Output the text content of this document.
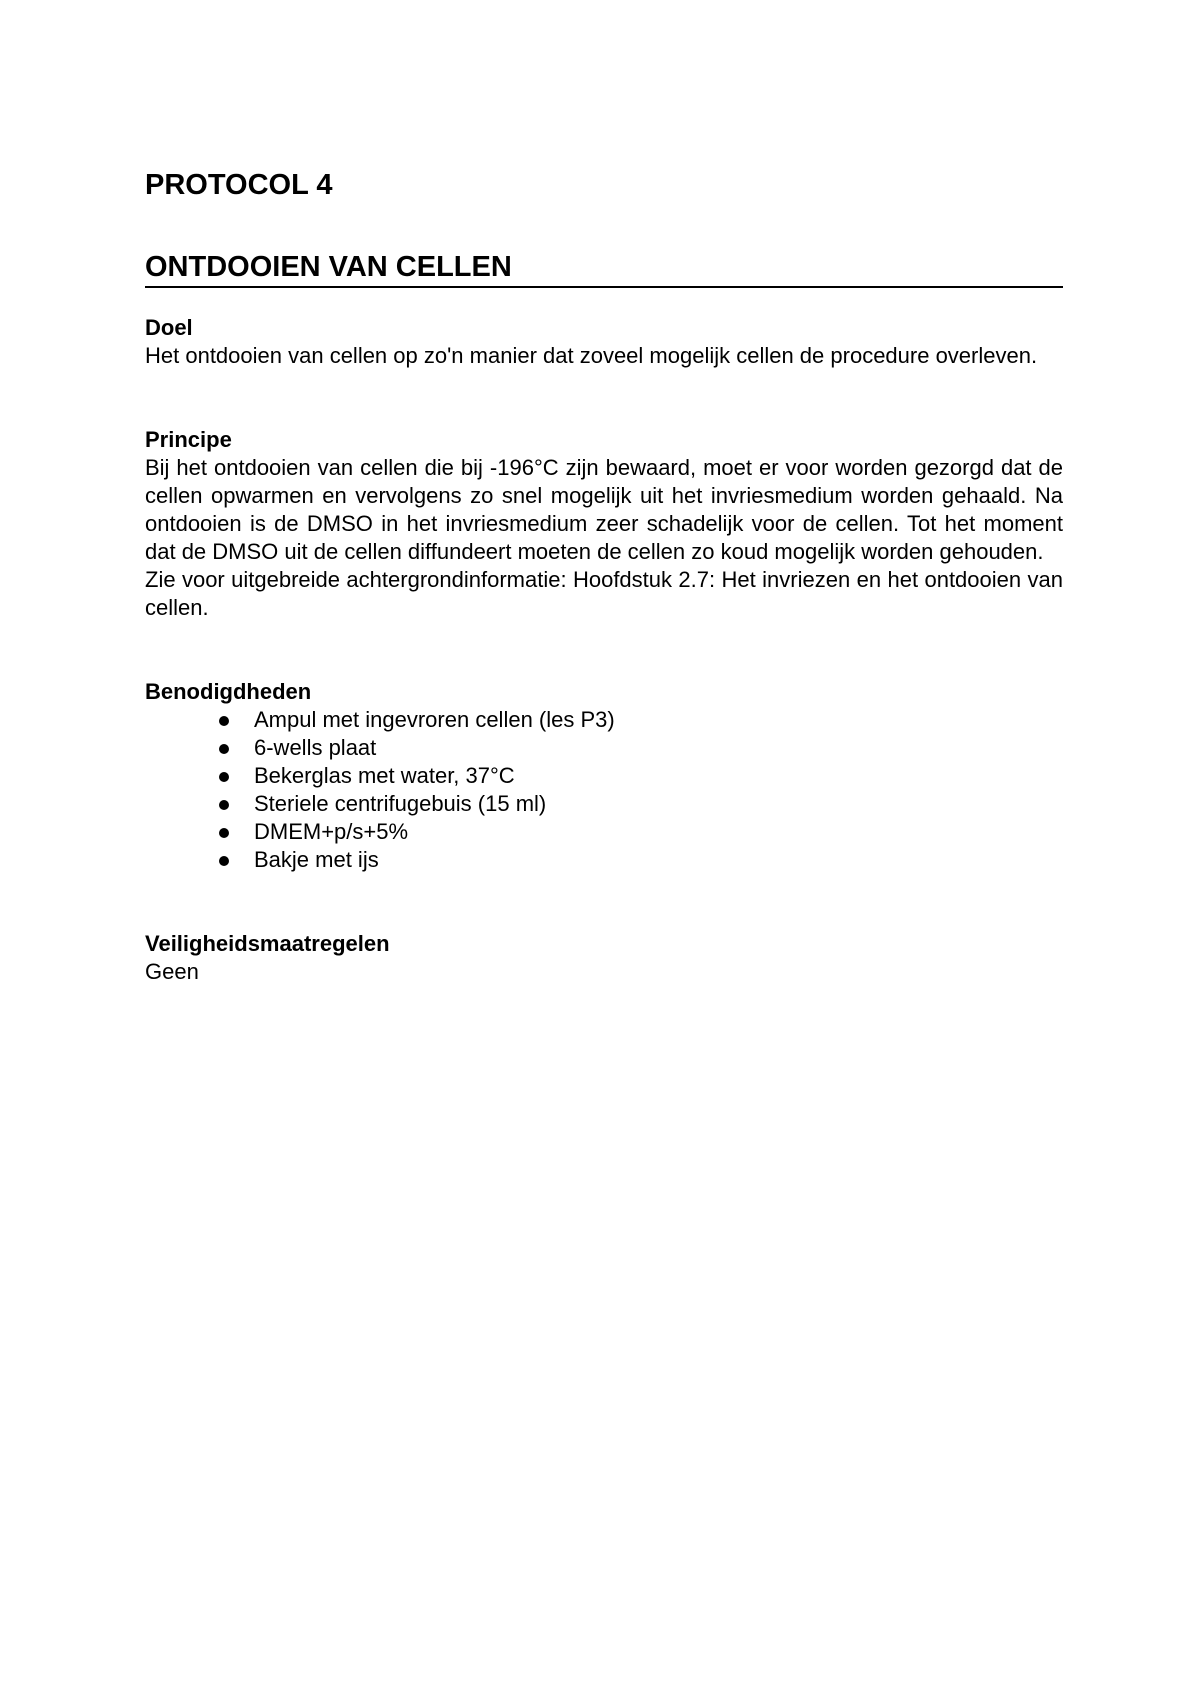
PROTOCOL 4
ONTDOOIEN VAN CELLEN
Doel

Het ontdooien van cellen op zo'n manier dat zoveel mogelijk cellen de procedure overleven.

Principe

Bij het ontdooien van cellen die bij -196°C zijn bewaard, moet er voor worden gezorgd dat de cellen opwarmen en vervolgens zo snel mogelijk uit het invriesmedium worden gehaald. Na ontdooien is de DMSO in het invriesmedium zeer schadelijk voor de cellen. Tot het moment dat de DMSO uit de cellen diffundeert moeten de cellen zo koud mogelijk worden gehouden.

Zie voor uitgebreide achtergrondinformatie: Hoofdstuk 2.7: Het invriezen en het ontdooien van cellen.

Benodigdheden
Ampul met ingevroren cellen (les P3)
6-wells plaat
Bekerglas met water, 37°C
Steriele centrifugebuis (15 ml)
DMEM+p/s+5%
Bakje met ijs
Veiligheidsmaatregelen

Geen
